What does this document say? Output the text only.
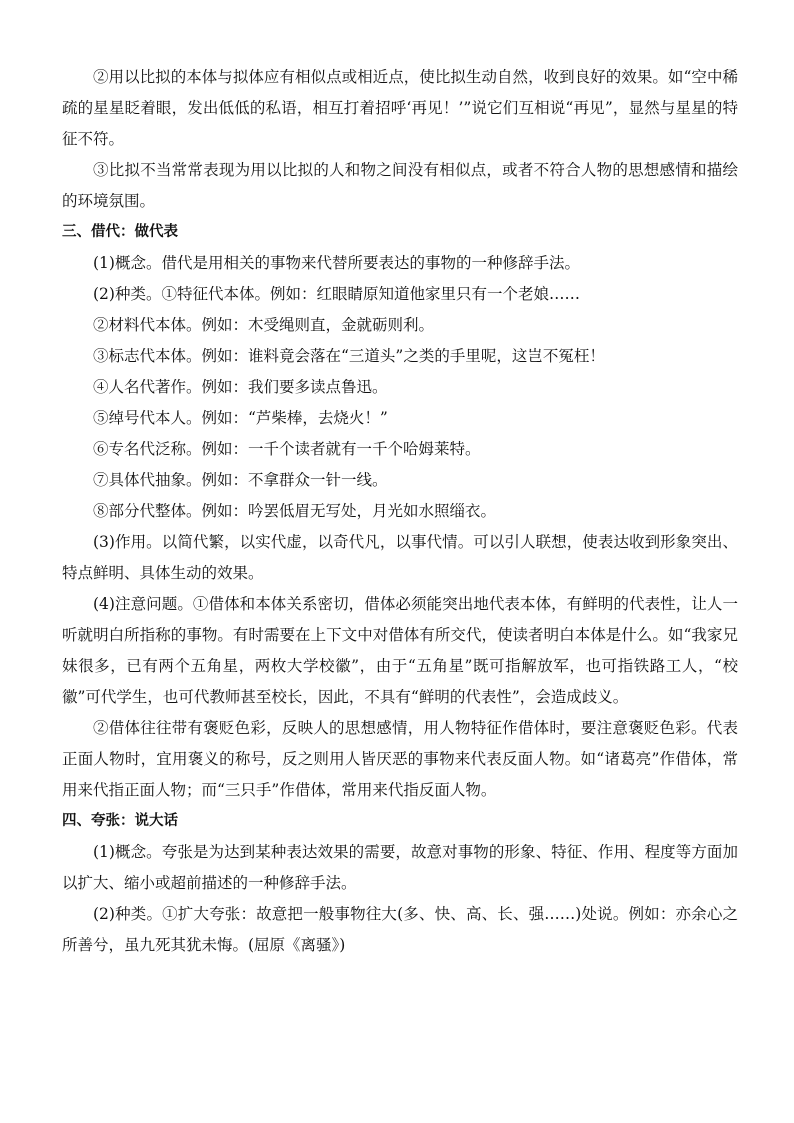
②用以比拟的本体与拟体应有相似点或相近点，使比拟生动自然，收到良好的效果。如“空中稀疏的星星眨着眼，发出低低的私语，相互打着招呼‘再见！’”说它们互相说“再见”，显然与星星的特征不符。

③比拟不当常常表现为用以比拟的人和物之间没有相似点，或者不符合人物的思想感情和描绘的环境氛围。

三、借代：做代表

(1)概念。借代是用相关的事物来代替所要表达的事物的一种修辞手法。

(2)种类。①特征代本体。例如：红眼睛原知道他家里只有一个老娘……

②材料代本体。例如：木受绳则直，金就砺则利。

③标志代本体。例如：谁料竟会落在“三道头”之类的手里呢，这岂不冤枉！

④人名代著作。例如：我们要多读点鲁迅。

⑤绰号代本人。例如：“芦柴棒，去烧火！”

⑥专名代泛称。例如：一千个读者就有一千个哈姆莱特。

⑦具体代抽象。例如：不拿群众一针一线。

⑧部分代整体。例如：吟罢低眉无写处，月光如水照缁衣。

(3)作用。以简代繁，以实代虚，以奇代凡，以事代情。可以引人联想，使表达收到形象突出、特点鲜明、具体生动的效果。

(4)注意问题。①借体和本体关系密切，借体必须能突出地代表本体，有鲜明的代表性，让人一听就明白所指称的事物。有时需要在上下文中对借体有所交代，使读者明白本体是什么。如“我家兄妹很多，已有两个五角星，两枚大学校徽”，由于“五角星”既可指解放军，也可指铁路工人，“校徽”可代学生，也可代教师甚至校长，因此，不具有“鲜明的代表性”，会造成歧义。

②借体往往带有褒贬色彩，反映人的思想感情，用人物特征作借体时，要注意褒贬色彩。代表正面人物时，宜用褒义的称号，反之则用人皆厌恶的事物来代表反面人物。如“诸葛亮”作借体，常用来代指正面人物；而“三只手”作借体，常用来代指反面人物。

四、夸张：说大话

(1)概念。夸张是为达到某种表达效果的需要，故意对事物的形象、特征、作用、程度等方面加以扩大、缩小或超前描述的一种修辞手法。

(2)种类。①扩大夸张：故意把一般事物往大(多、快、高、长、强……)处说。例如：亦余心之所善兮，虽九死其犹未悔。(屈原《离骚》)
